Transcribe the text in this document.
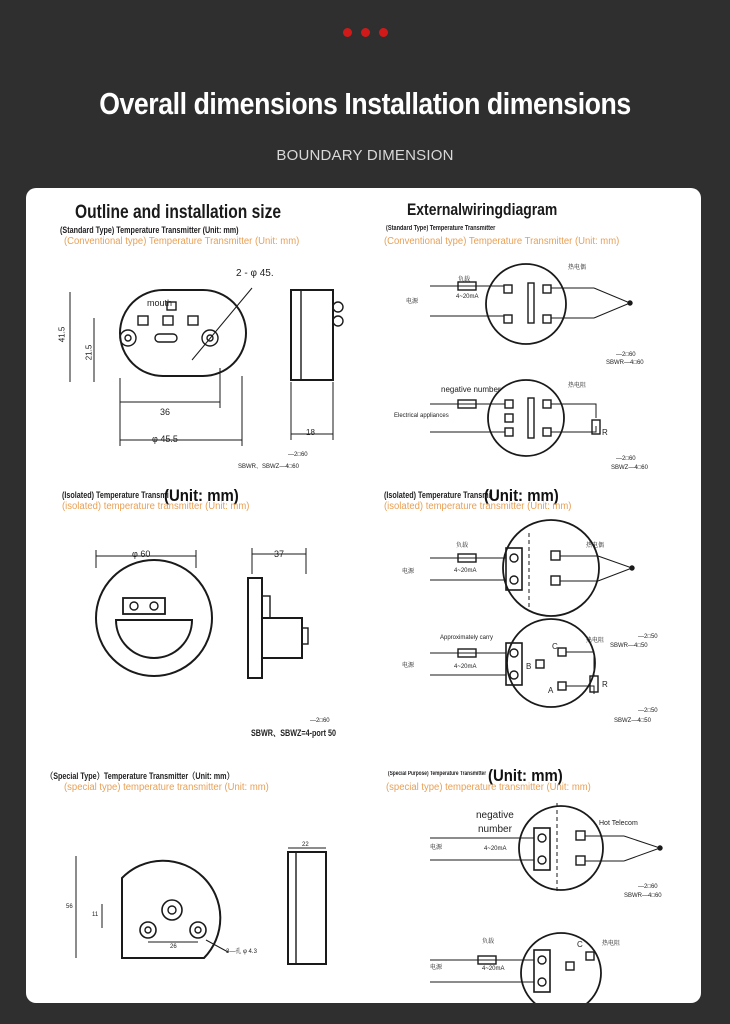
Overall dimensions Installation dimensions
BOUNDARY DIMENSION
Outline and installation size
(Standard Type) Temperature Transmitter (Unit: mm)
(Conventional type) Temperature Transmitter (Unit: mm)
2 - φ 45.
mouth
41.5
21.5
36
φ 45.5
18
—2□60
SBWR、SBWZ—4□60
Externalwiringdiagram
(Standard Type) Temperature Transmitter
(Conventional type) Temperature Transmitter (Unit: mm)
负载
电源
4~20mA
热电偶
—2□60
SBWR—4□60
negative number	热电阻
Electrical appliances
R
—2□60
SBWZ—4□60
(Isolated) Temperature Transmi
(Unit: mm)
(isolated) temperature transmitter (Unit: mm)
φ 60	37
—2□60
SBWR、SBWZ=4-port 50
(Isolated) Temperature Transmi
(Unit: mm)
(isolated) temperature transmitter (Unit: mm)
负载
电源	4~20mA
热电偶
Approximately carry	热电阻
电源	4~20mA
C
B
A
R
—2□50
SBWR—4□50
—2□50
SBWZ—4□50
（Special Type）Temperature Transmitter（Unit: mm）
(special type) temperature transmitter (Unit: mm)
22
56
11
26
3—孔 φ 4.3
(Special Purpose) Temperature Transmitter (Unit: mm)
(special type) temperature transmitter (Unit: mm)
negative
number
Hot Telecom
电源	4~20mA
—2□60
SBWR—4□60
负载	热电阻
C
电源	4~20mA
